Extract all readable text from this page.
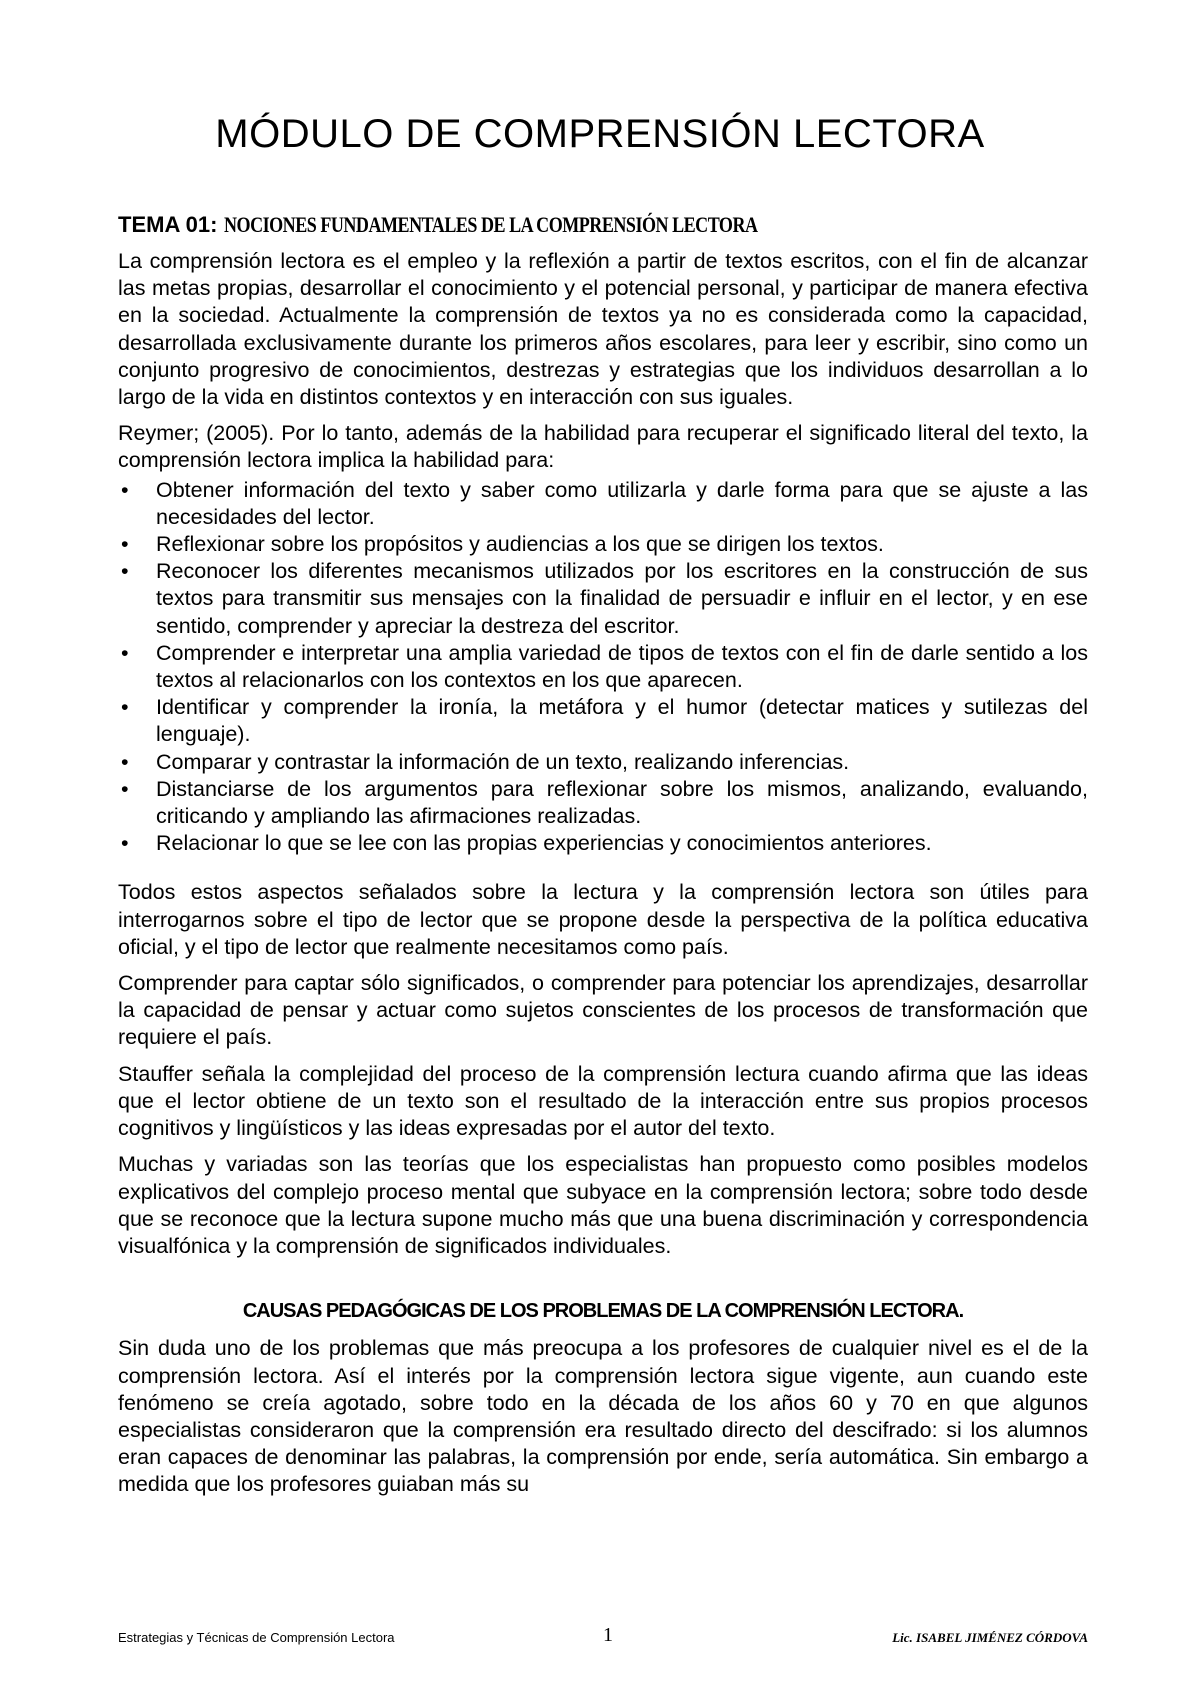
MÓDULO DE COMPRENSIÓN LECTORA
TEMA 01: NOCIONES FUNDAMENTALES DE LA COMPRENSIÓN LECTORA

La comprensión lectora es el empleo y la reflexión a partir de textos escritos, con el fin de alcanzar las metas propias, desarrollar el conocimiento y el potencial personal, y participar de manera efectiva en la sociedad. Actualmente la comprensión de textos ya no es considerada como la capacidad, desarrollada exclusivamente durante los primeros años escolares, para leer y escribir, sino como un conjunto progresivo de conocimientos, destrezas y estrategias que los individuos desarrollan a lo largo de la vida en distintos contextos y en interacción con sus iguales.

Reymer; (2005). Por lo tanto, además de la habilidad para recuperar el significado literal del texto, la comprensión lectora implica la habilidad para:

• Obtener información del texto y saber como utilizarla y darle forma para que se ajuste a las necesidades del lector.
• Reflexionar sobre los propósitos y audiencias a los que se dirigen los textos.
• Reconocer los diferentes mecanismos utilizados por los escritores en la construcción de sus textos para transmitir sus mensajes con la finalidad de persuadir e influir en el lector, y en ese sentido, comprender y apreciar la destreza del escritor.
• Comprender e interpretar una amplia variedad de tipos de textos con el fin de darle sentido a los textos al relacionarlos con los contextos en los que aparecen.
• Identificar y comprender la ironía, la metáfora y el humor (detectar matices y sutilezas del lenguaje).
• Comparar y contrastar la información de un texto, realizando inferencias.
• Distanciarse de los argumentos para reflexionar sobre los mismos, analizando, evaluando, criticando y ampliando las afirmaciones realizadas.
• Relacionar lo que se lee con las propias experiencias y conocimientos anteriores.

Todos estos aspectos señalados sobre la lectura y la comprensión lectora son útiles para interrogarnos sobre el tipo de lector que se propone desde la perspectiva de la política educativa oficial, y el tipo de lector que realmente necesitamos como país.

Comprender para captar sólo significados, o comprender para potenciar los aprendizajes, desarrollar la capacidad de pensar y actuar como sujetos conscientes de los procesos de transformación que requiere el país.

Stauffer señala la complejidad del proceso de la comprensión lectura cuando afirma que las ideas que el lector obtiene de un texto son el resultado de la interacción entre sus propios procesos cognitivos y lingüísticos y las ideas expresadas por el autor del texto.

Muchas y variadas son las teorías que los especialistas han propuesto como posibles modelos explicativos del complejo proceso mental que subyace en la comprensión lectora; sobre todo desde que se reconoce que la lectura supone mucho más que una buena discriminación y correspondencia visualfónica y la comprensión de significados individuales.

CAUSAS PEDAGÓGICAS DE LOS PROBLEMAS DE LA COMPRENSIÓN LECTORA.

Sin duda uno de los problemas que más preocupa a los profesores de cualquier nivel es el de la comprensión lectora. Así el interés por la comprensión lectora sigue vigente, aun cuando este fenómeno se creía agotado, sobre todo en la década de los años 60 y 70 en que algunos especialistas consideraron que la comprensión era resultado directo del descifrado: si los alumnos eran capaces de denominar las palabras, la comprensión por ende, sería automática. Sin embargo a medida que los profesores guiaban más su

Estrategias y Técnicas de Comprensión Lectora	1	Lic. ISABEL JIMÉNEZ CÓRDOVA
